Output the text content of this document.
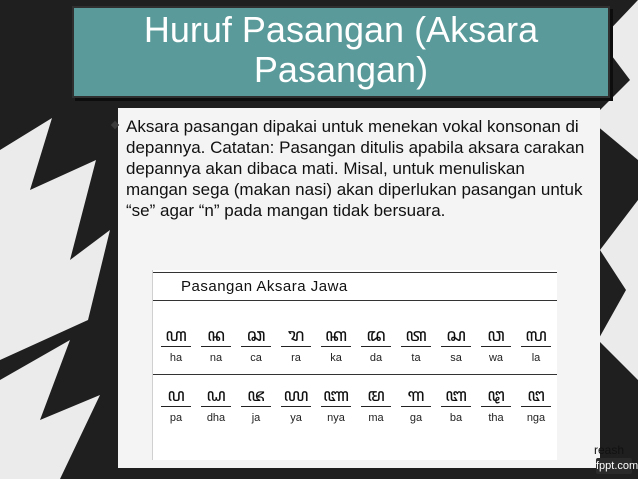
Huruf Pasangan (Aksara
Pasangan)

Aksara pasangan dipakai untuk menekan vokal konsonan di depannya. Catatan: Pasangan ditulis apabila aksara carakan depannya akan dibaca mati. Misal, untuk menuliskan mangan sega (makan nasi) akan diperlukan pasangan untuk “se” agar “n” pada mangan tidak bersuara.

Pasangan Aksara Jawa
ꦲ
ha
ꦤ
na
ꦕ
ca
ꦫ
ra
ꦏ
ka
ꦢ
da
ꦠ
ta
ꦱ
sa
ꦮ
wa
ꦭ
la
ꦥ
pa
ꦝ
dha
ꦗ
ja
ꦪ
ya
ꦚ
nya
ꦩ
ma
ꦒ
ga
ꦧ
ba
ꦛ
tha
ꦔ
nga
reash
fppt.com
